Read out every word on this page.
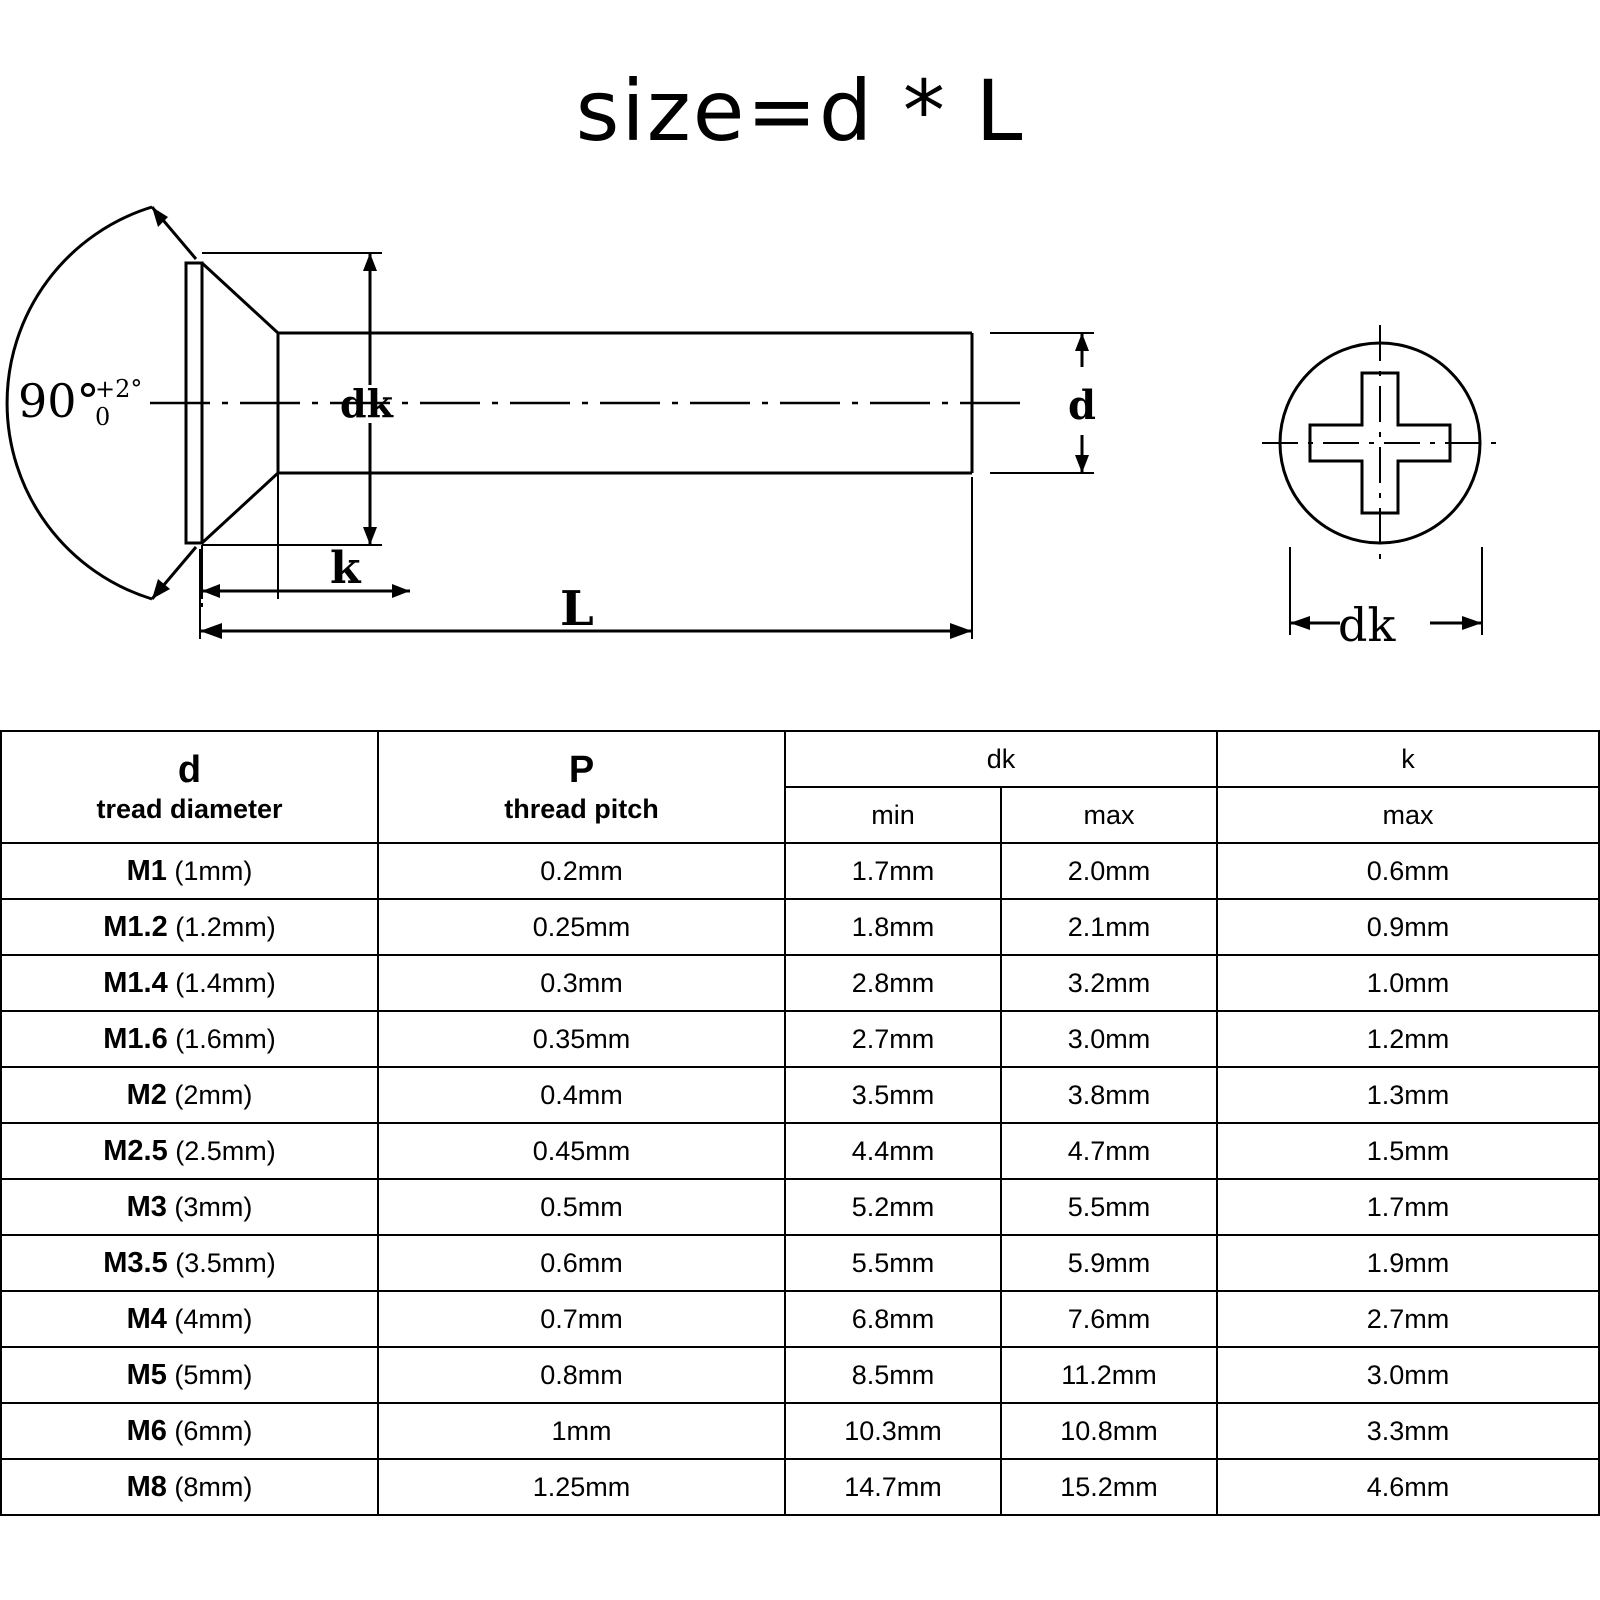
size=d * L
90°
+2°
0	dk	d
k
L	dk
d
tread diameter	P
thread pitch	dk		k
		min	max	max
M1 (1mm)	0.2mm	1.7mm	2.0mm	0.6mm
M1.2 (1.2mm)	0.25mm	1.8mm	2.1mm	0.9mm
M1.4 (1.4mm)	0.3mm	2.8mm	3.2mm	1.0mm
M1.6 (1.6mm)	0.35mm	2.7mm	3.0mm	1.2mm
M2 (2mm)	0.4mm	3.5mm	3.8mm	1.3mm
M2.5 (2.5mm)	0.45mm	4.4mm	4.7mm	1.5mm
M3 (3mm)	0.5mm	5.2mm	5.5mm	1.7mm
M3.5 (3.5mm)	0.6mm	5.5mm	5.9mm	1.9mm
M4 (4mm)	0.7mm	6.8mm	7.6mm	2.7mm
M5 (5mm)	0.8mm	8.5mm	11.2mm	3.0mm
M6 (6mm)	1mm	10.3mm	10.8mm	3.3mm
M8 (8mm)	1.25mm	14.7mm	15.2mm	4.6mm
